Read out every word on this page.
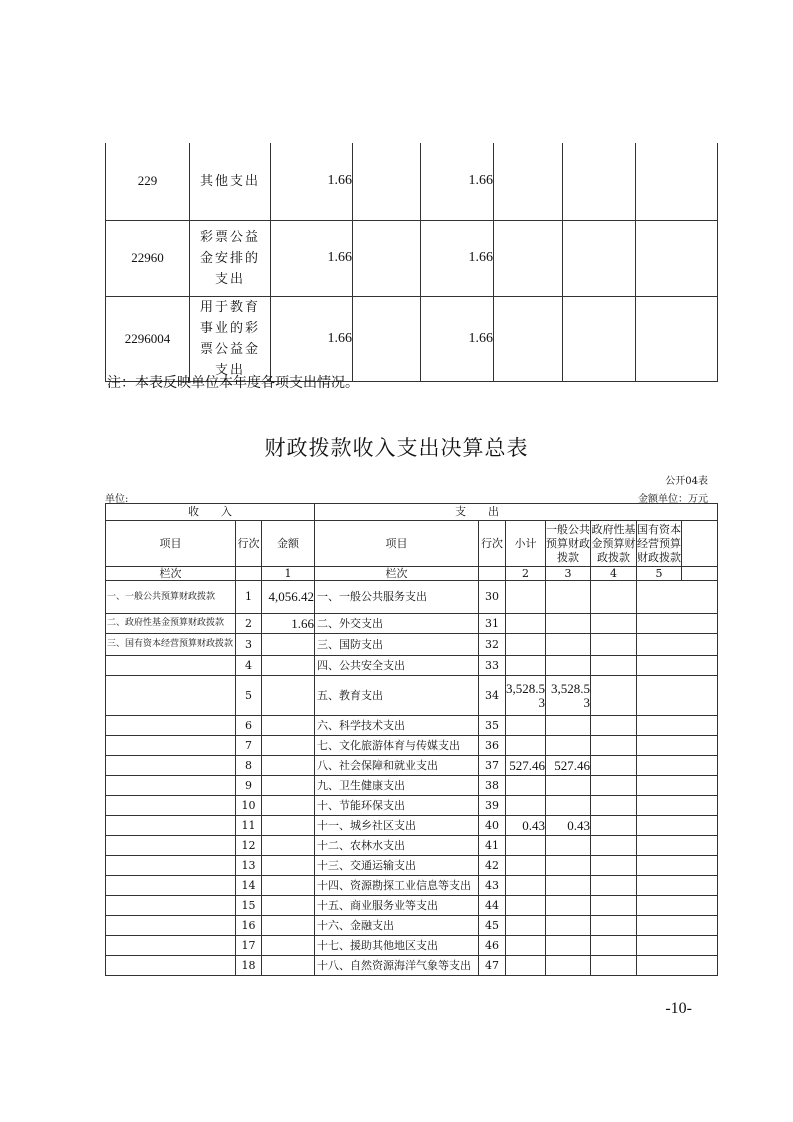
229	其他支出	1.66		1.66			
22960	彩票公益金安排的支出	1.66		1.66			
2296004	用于教育事业的彩票公益金支出	1.66		1.66			
注：本表反映单位本年度各项支出情况。
财政拨款收入支出决算总表
公开04表
单位:	金额单位：万元
收　　入			支　　出						
项目	行次	金额	项目	行次	小计	一般公共预算财政拨款	政府性基金预算财政拨款	国有资本经营预算财政拨款	
栏次		1	栏次		2	3	4	5	
一、一般公共预算财政拨款	1	4,056.42	一、一般公共服务支出	30					
二、政府性基金预算财政拨款	2	1.66	二、外交支出	31					
三、国有资本经营预算财政拨款	3		三、国防支出	32					
	4		四、公共安全支出	33					
	5		五、教育支出	34	3,528.53	3,528.53			
	6		六、科学技术支出	35					
	7		七、文化旅游体育与传媒支出	36					
	8		八、社会保障和就业支出	37	527.46	527.46			
	9		九、卫生健康支出	38					
	10		十、节能环保支出	39					
	11		十一、城乡社区支出	40	0.43	0.43			
	12		十二、农林水支出	41					
	13		十三、交通运输支出	42					
	14		十四、资源勘探工业信息等支出	43					
	15		十五、商业服务业等支出	44					
	16		十六、金融支出	45					
	17		十七、援助其他地区支出	46					
	18		十八、自然资源海洋气象等支出	47					
-10-
